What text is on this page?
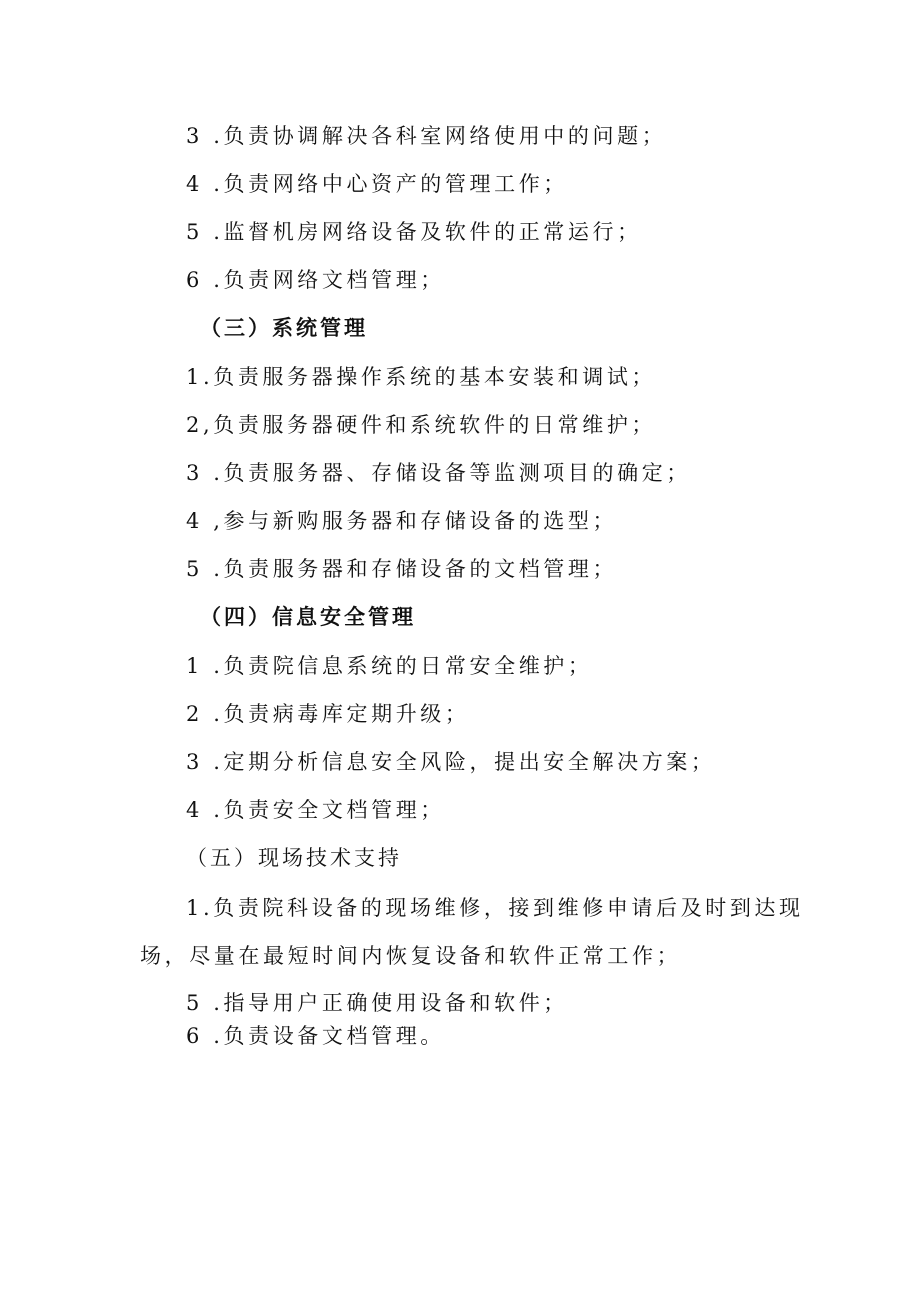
3 .负责协调解决各科室网络使用中的问题；
4 .负责网络中心资产的管理工作；
5 .监督机房网络设备及软件的正常运行；
6 .负责网络文档管理；
（三）系统管理
1.负责服务器操作系统的基本安装和调试；
2,负责服务器硬件和系统软件的日常维护；
3 .负责服务器、存储设备等监测项目的确定；
4 ,参与新购服务器和存储设备的选型；
5 .负责服务器和存储设备的文档管理；
（四）信息安全管理
1 .负责院信息系统的日常安全维护；
2 .负责病毒库定期升级；
3 .定期分析信息安全风险，提出安全解决方案；
4 .负责安全文档管理；
（五）现场技术支持
1.负责院科设备的现场维修，接到维修申请后及时到达现
场，尽量在最短时间内恢复设备和软件正常工作；
5 .指导用户正确使用设备和软件；
6 .负责设备文档管理。
